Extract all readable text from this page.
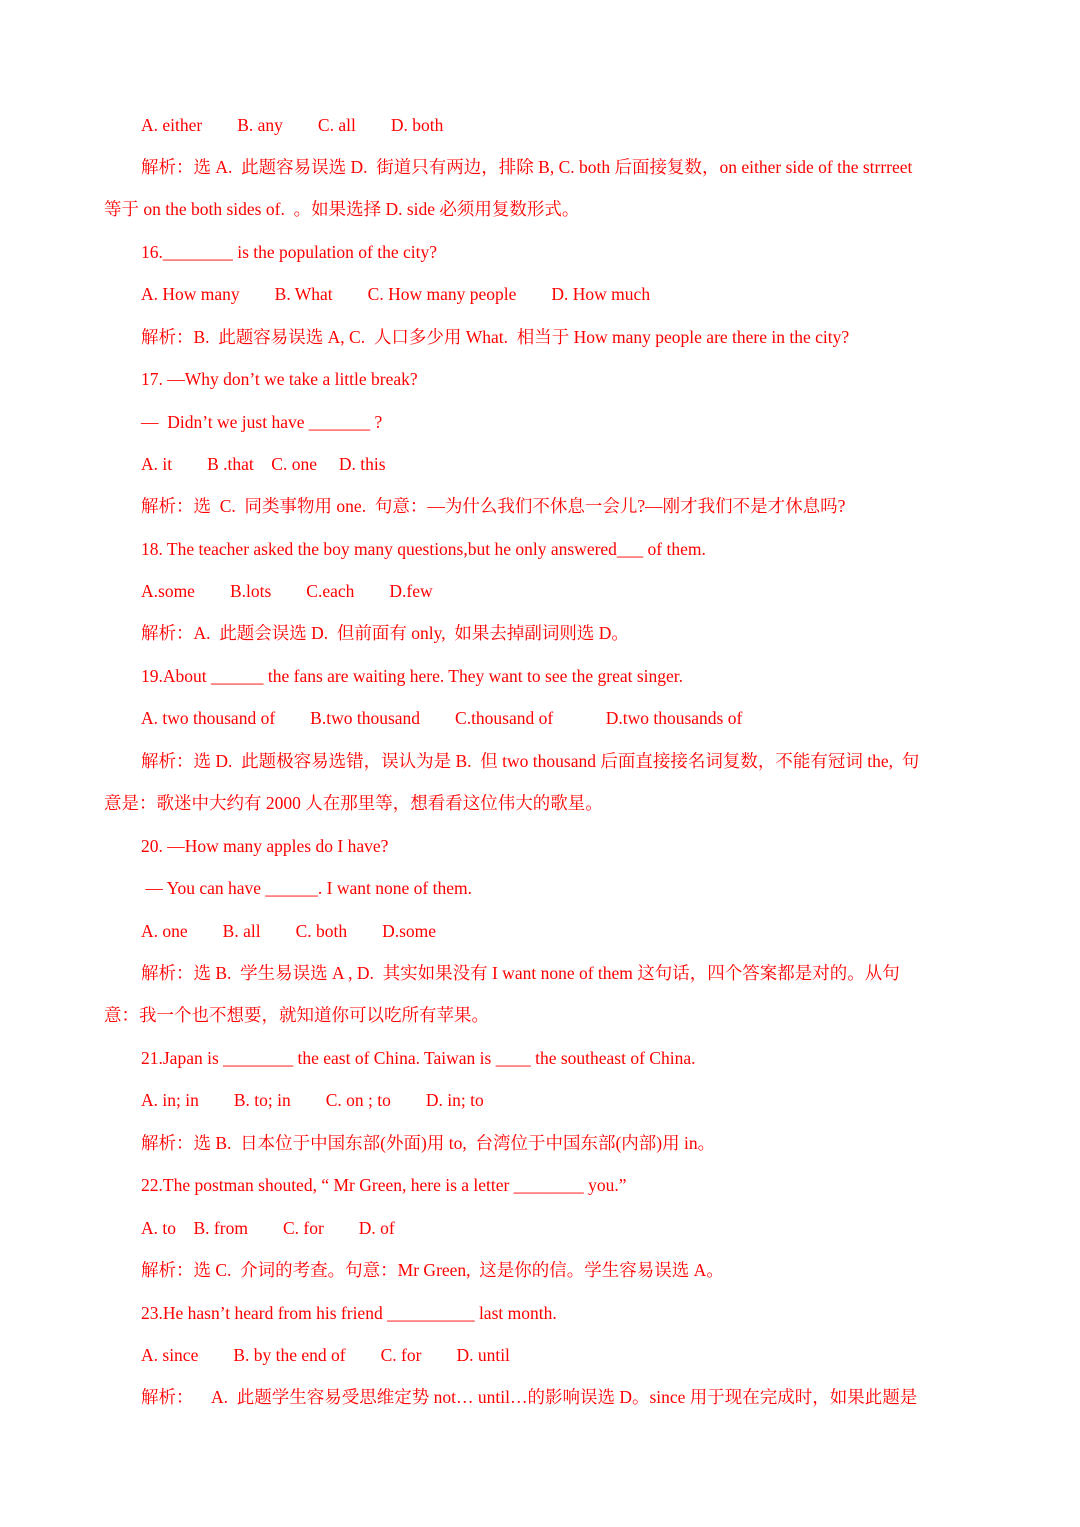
A. either        B. any        C. all        D. both
解析：选 A.  此题容易误选 D.  街道只有两边，排除 B, C. both 后面接复数，on either side of the strrreet
等于 on the both sides of.  。如果选择 D. side 必须用复数形式。
16.________ is the population of the city?
A. How many        B. What        C. How many people        D. How much
解析：B.  此题容易误选 A, C.  人口多少用 What.  相当于 How many people are there in the city?
17. —Why don’t we take a little break?
—  Didn’t we just have _______ ?
A. it        B .that    C. one     D. this
解析：选  C.  同类事物用 one.  句意：—为什么我们不休息一会儿?—刚才我们不是才休息吗?
18. The teacher asked the boy many questions,but he only answered___ of them.
A.some        B.lots        C.each        D.few
解析：A.  此题会误选 D.  但前面有 only,  如果去掉副词则选 D。
19.About ______ the fans are waiting here. They want to see the great singer.
A. two thousand of        B.two thousand        C.thousand of            D.two thousands of
解析：选 D.  此题极容易选错，误认为是 B.  但 two thousand 后面直接接名词复数，不能有冠词 the,  句
意是：歌迷中大约有 2000 人在那里等，想看看这位伟大的歌星。
20. —How many apples do I have?
— You can have ______. I want none of them.
A. one        B. all        C. both        D.some
解析：选 B.  学生易误选 A , D.  其实如果没有 I want none of them 这句话，四个答案都是对的。从句
意：我一个也不想要，就知道你可以吃所有苹果。
21.Japan is ________ the east of China. Taiwan is ____ the southeast of China.
A. in; in        B. to; in        C. on ; to        D. in; to
解析：选 B.  日本位于中国东部(外面)用 to,  台湾位于中国东部(内部)用 in。
22.The postman shouted, “ Mr Green, here is a letter ________ you.”
A. to    B. from        C. for        D. of
解析：选 C.  介词的考查。句意：Mr Green,  这是你的信。学生容易误选 A。
23.He hasn’t heard from his friend __________ last month.
A. since        B. by the end of        C. for        D. until
解析：    A.  此题学生容易受思维定势 not… until…的影响误选 D。since 用于现在完成时，如果此题是
